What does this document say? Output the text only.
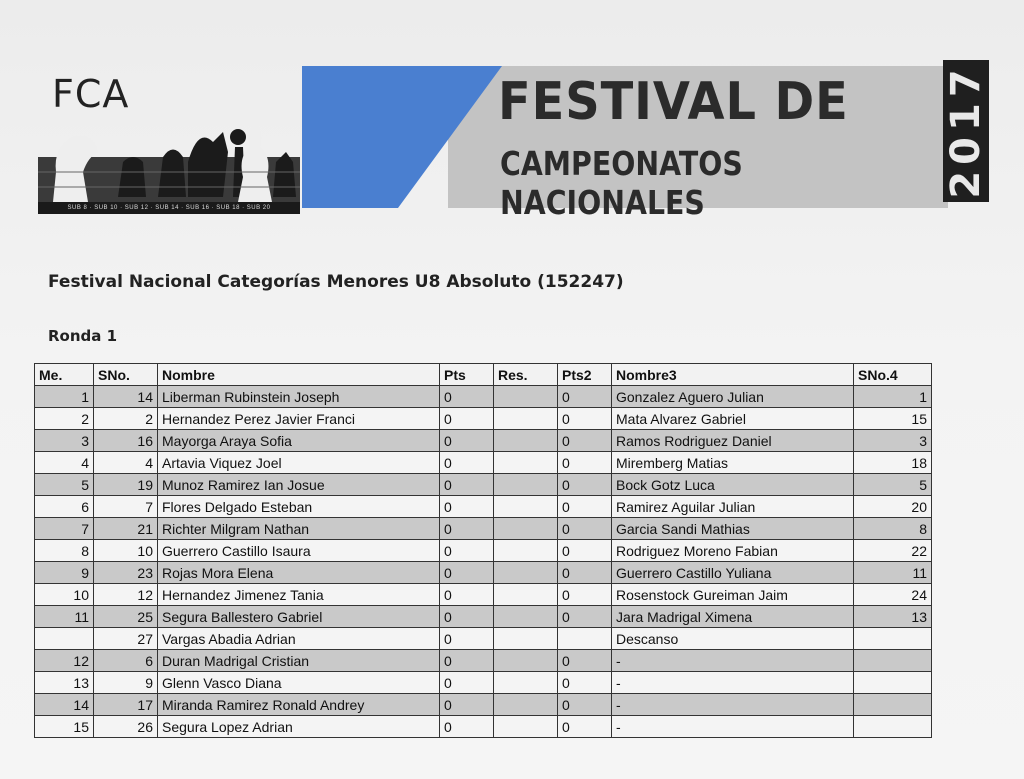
FCA
SUB 8 · SUB 10 · SUB 12 · SUB 14 · SUB 16 · SUB 18 · SUB 20
FESTIVAL DE
CAMPEONATOS NACIONALES
2017
Festival Nacional Categorías Menores U8 Absoluto (152247)
Ronda 1
Me.	SNo.	Nombre	Pts	Res.	Pts2	Nombre3	SNo.4
1	14	Liberman Rubinstein Joseph	0		0	Gonzalez Aguero Julian	1
2	2	Hernandez Perez Javier Franci	0		0	Mata Alvarez Gabriel	15
3	16	Mayorga Araya Sofia	0		0	Ramos Rodriguez Daniel	3
4	4	Artavia Viquez Joel	0		0	Miremberg Matias	18
5	19	Munoz Ramirez Ian Josue	0		0	Bock Gotz Luca	5
6	7	Flores Delgado Esteban	0		0	Ramirez Aguilar Julian	20
7	21	Richter Milgram Nathan	0		0	Garcia Sandi Mathias	8
8	10	Guerrero Castillo Isaura	0		0	Rodriguez Moreno Fabian	22
9	23	Rojas Mora Elena	0		0	Guerrero Castillo Yuliana	11
10	12	Hernandez Jimenez Tania	0		0	Rosenstock Gureiman Jaim	24
11	25	Segura Ballestero Gabriel	0		0	Jara Madrigal Ximena	13
	27	Vargas Abadia Adrian	0			Descanso	
12	6	Duran Madrigal Cristian	0		0	-	
13	9	Glenn Vasco Diana	0		0	-	
14	17	Miranda Ramirez Ronald Andrey	0		0	-	
15	26	Segura Lopez Adrian	0		0	-	
